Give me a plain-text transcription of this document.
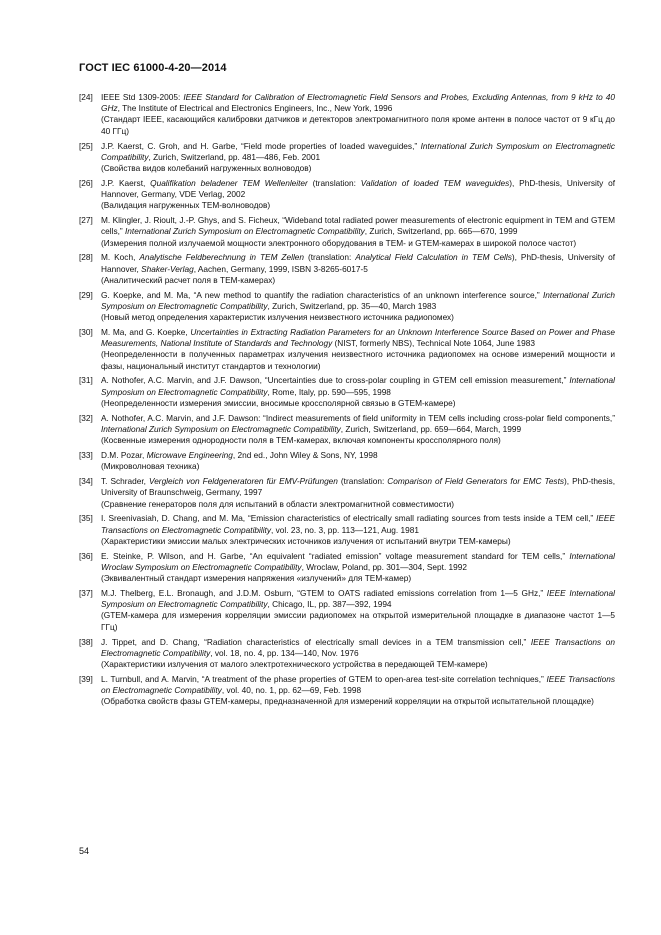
ГОСТ IEC 61000-4-20—2014
[24] IEEE Std 1309-2005: IEEE Standard for Calibration of Electromagnetic Field Sensors and Probes, Excluding Antennas, from 9 kHz to 40 GHz, The Institute of Electrical and Electronics Engineers, Inc., New York, 1996
(Стандарт IEEE, касающийся калибровки датчиков и детекторов электромагнитного поля кроме антенн в полосе частот от 9 кГц до 40 ГГц)
[25] J.P. Kaerst, C. Groh, and H. Garbe, “Field mode properties of loaded waveguides,” International Zurich Symposium on Electromagnetic Compatibility, Zurich, Switzerland, pp. 481—486, Feb. 2001
(Свойства видов колебаний нагруженных волноводов)
[26] J.P. Kaerst, Qualifikation beladener TEM Wellenleiter (translation: Validation of loaded TEM waveguides), PhD-thesis, University of Hannover, Germany, VDE Verlag, 2002
(Валидация нагруженных ТЕМ-волноводов)
[27] M. Klingler, J. Rioult, J.-P. Ghys, and S. Ficheux, “Wideband total radiated power measurements of electronic equipment in TEM and GTEM cells,” International Zurich Symposium on Electromagnetic Compatibility, Zurich, Switzerland, pp. 665—670, 1999
(Измерения полной излучаемой мощности электронного оборудования в ТЕМ- и GTEM-камерах в широкой полосе частот)
[28] M. Koch, Analytische Feldberechnung in TEM Zellen (translation: Analytical Field Calculation in TEM Cells), PhD-thesis, University of Hannover, Shaker-Verlag, Aachen, Germany, 1999, ISBN 3-8265-6017-5
(Аналитический расчет поля в ТЕМ-камерах)
[29] G. Koepke, and M. Ma, “A new method to quantify the radiation characteristics of an unknown interference source,” International Zurich Symposium on Electromagnetic Compatibility, Zurich, Switzerland, pp. 35—40, March 1983
(Новый метод определения характеристик излучения неизвестного источника радиопомех)
[30] M. Ma, and G. Koepke, Uncertainties in Extracting Radiation Parameters for an Unknown Interference Source Based on Power and Phase Measurements, National Institute of Standards and Technology (NIST, formerly NBS), Technical Note 1064, June 1983
(Неопределенности в полученных параметрах излучения неизвестного источника радиопомех на основе измерений мощности и фазы, национальный институт стандартов и технологии)
[31] A. Nothofer, A.C. Marvin, and J.F. Dawson, “Uncertainties due to cross-polar coupling in GTEM cell emission measurement,” International Symposium on Electromagnetic Compatibility, Rome, Italy, pp. 590—595, 1998
(Неопределенности измерения эмиссии, вносимые кроссполярной связью в GTEM-камере)
[32] A. Nothofer, A.C. Marvin, and J.F. Dawson: “Indirect measurements of field uniformity in TEM cells including cross-polar field components,” International Zurich Symposium on Electromagnetic Compatibility, Zurich, Switzerland, pp. 659—664, March, 1999
(Косвенные измерения однородности поля в ТЕМ-камерах, включая компоненты кроссполярного поля)
[33] D.M. Pozar, Microwave Engineering, 2nd ed., John Wiley & Sons, NY, 1998
(Микроволновая техника)
[34] T. Schrader, Vergleich von Feldgeneratoren für EMV-Prüfungen (translation: Comparison of Field Generators for EMC Tests), PhD-thesis, University of Braunschweig, Germany, 1997
(Сравнение генераторов поля для испытаний в области электромагнитной совместимости)
[35] I. Sreenivasiah, D. Chang, and M. Ma, “Emission characteristics of electrically small radiating sources from tests inside a TEM cell,” IEEE Transactions on Electromagnetic Compatibility, vol. 23, no. 3, pp. 113—121, Aug. 1981
(Характеристики эмиссии малых электрических источников излучения от испытаний внутри ТЕМ-камеры)
[36] E. Steinke, P. Wilson, and H. Garbe, “An equivalent “radiated emission” voltage measurement standard for TEM cells,” International Wroclaw Symposium on Electromagnetic Compatibility, Wroclaw, Poland, pp. 301—304, Sept. 1992
(Эквивалентный стандарт измерения напряжения «излучений» для ТЕМ-камер)
[37] M.J. Thelberg, E.L. Bronaugh, and J.D.M. Osburn, “GTEM to OATS radiated emissions correlation from 1—5 GHz,” IEEE International Symposium on Electromagnetic Compatibility, Chicago, IL, pp. 387—392, 1994
(GTEM-камера для измерения корреляции эмиссии радиопомех на открытой измерительной площадке в диапазоне частот 1—5 ГГц)
[38] J. Tippet, and D. Chang, “Radiation characteristics of electrically small devices in a TEM transmission cell,” IEEE Transactions on Electromagnetic Compatibility, vol. 18, no. 4, pp. 134—140, Nov. 1976
(Характеристики излучения от малого электротехнического устройства в передающей ТЕМ-камере)
[39] L. Turnbull, and A. Marvin, “A treatment of the phase properties of GTEM to open-area test-site correlation techniques,” IEEE Transactions on Electromagnetic Compatibility, vol. 40, no. 1, pp. 62—69, Feb. 1998
(Обработка свойств фазы GTEM-камеры, предназначенной для измерений корреляции на открытой испытательной площадке)
54
